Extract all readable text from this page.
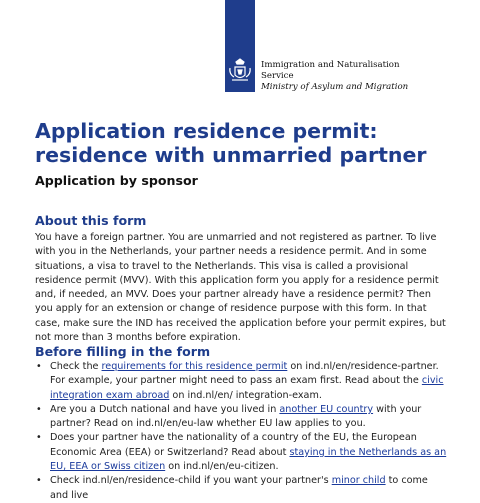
Immigration and Naturalisation
Service
Ministry of Asylum and Migration
Application residence permit: residence with unmarried partner

Application by sponsor

About this form

You have a foreign partner. You are unmarried and not registered as partner. To live with you in the Netherlands, your partner needs a residence permit. And in some situations, a visa to travel to the Netherlands. This visa is called a provisional residence permit (MVV). With this application form you apply for a residence permit and, if needed, an MVV. Does your partner already have a residence permit? Then you apply for an extension or change of residence purpose with this form. In that case, make sure the IND has received the application before your permit expires, but not more than 3 months before expiration.

Before filling in the form
• Check the requirements for this residence permit on ind.nl/en/residence-partner. For example, your partner might need to pass an exam first. Read about the civic integration exam abroad on ind.nl/en/ integration-exam.
• Are you a Dutch national and have you lived in another EU country with your partner? Read on ind.nl/en/eu-law whether EU law applies to you.
• Does your partner have the nationality of a country of the EU, the European Economic Area (EEA) or Switzerland? Read about staying in the Netherlands as an EU, EEA or Swiss citizen on ind.nl/en/eu-citizen.
• Check ind.nl/en/residence-child if you want your partner's minor child to come and live
